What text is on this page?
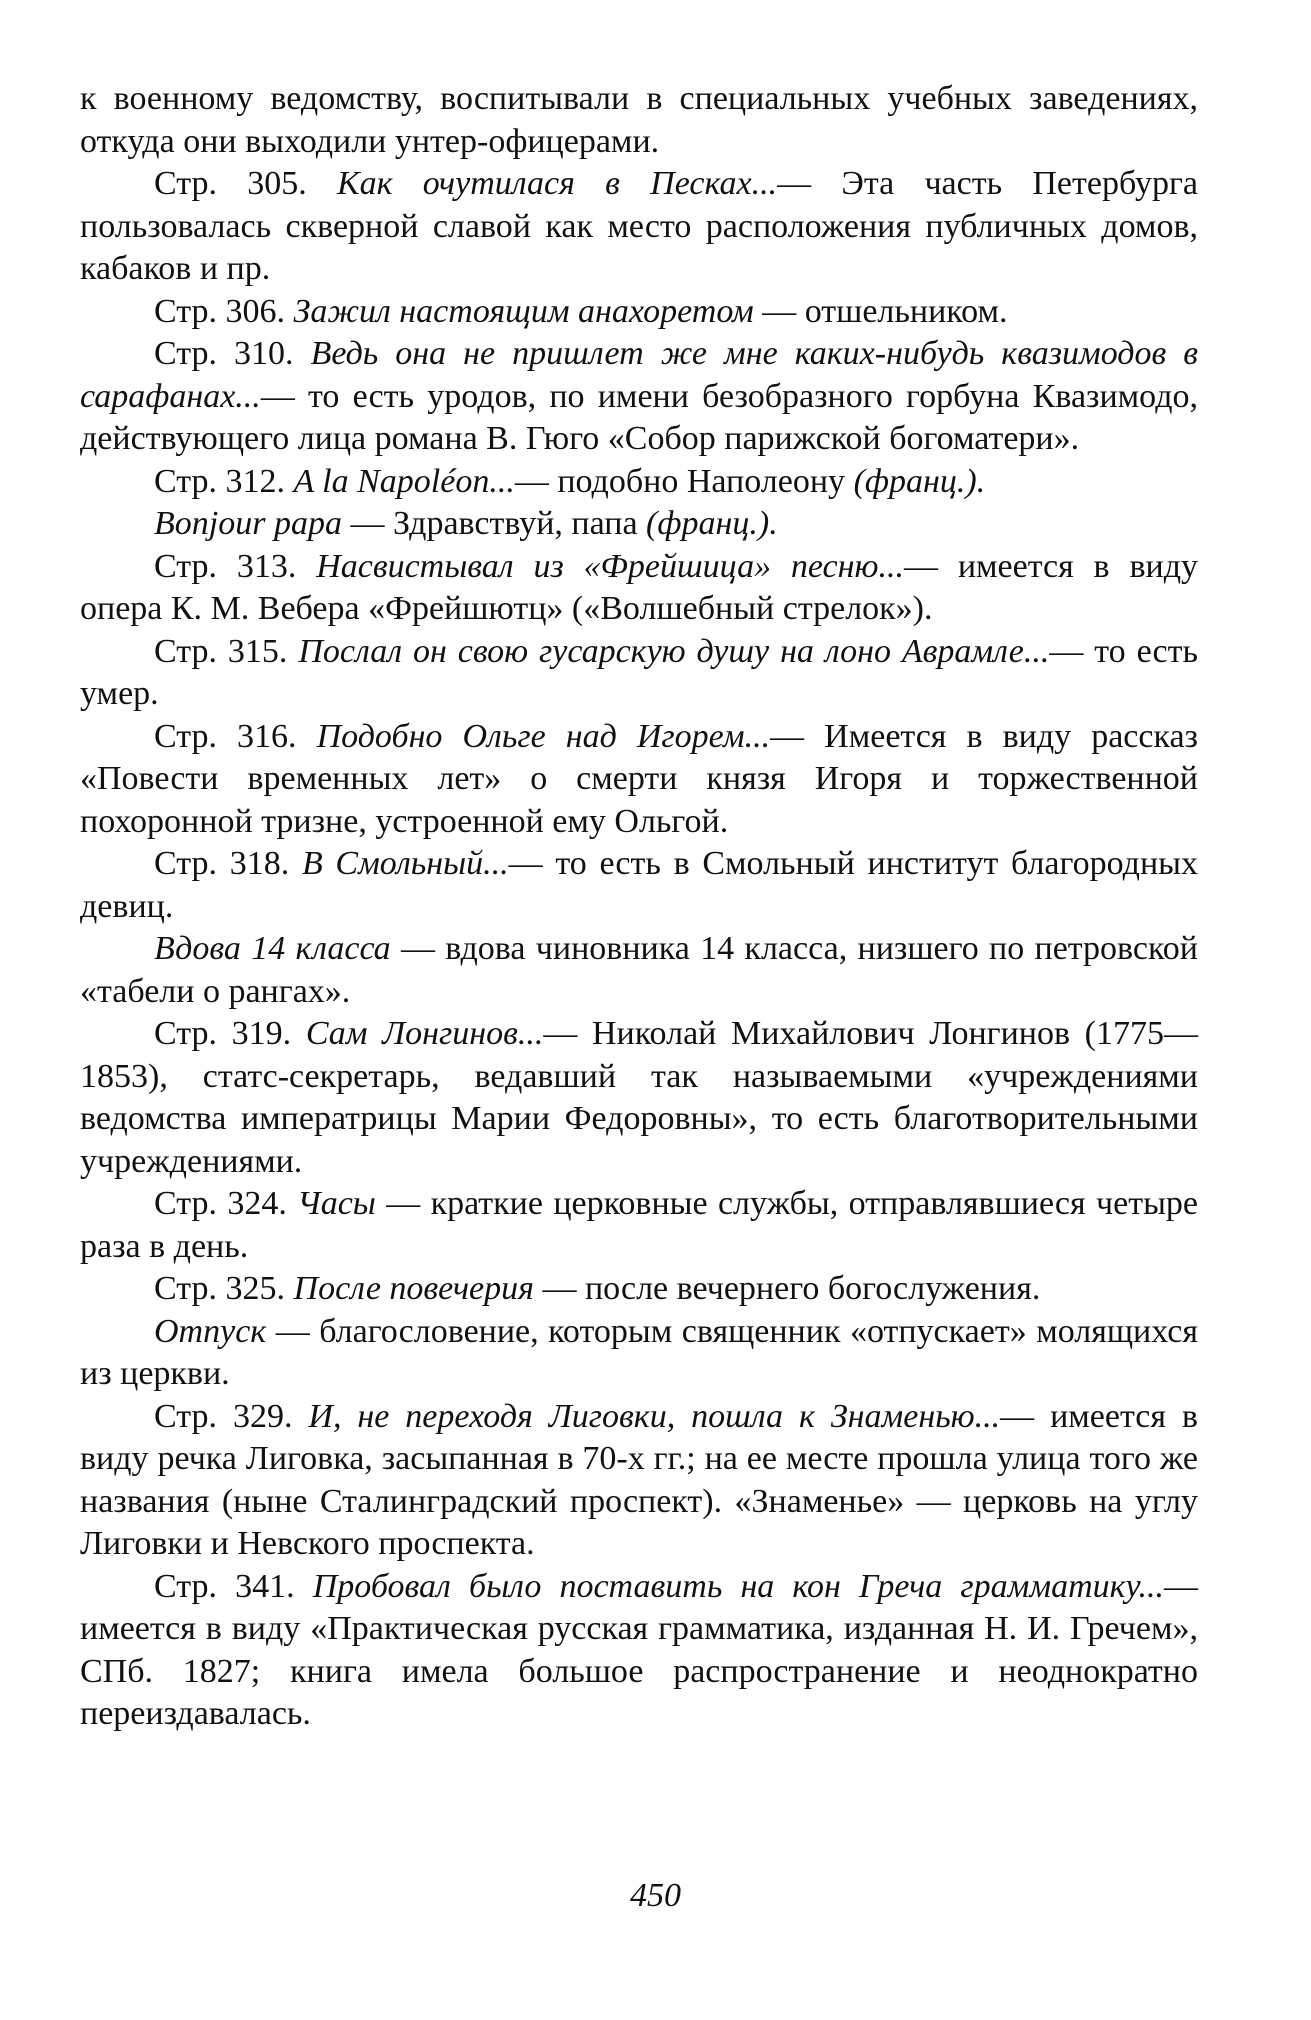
к военному ведомству, воспитывали в специальных учебных заведениях, откуда они выходили унтер-офицерами.

Стр. 305. Как очутилася в Песках...— Эта часть Петербурга пользовалась скверной славой как место расположения публичных домов, кабаков и пр.

Стр. 306. Зажил настоящим анахоретом — отшельником.

Стр. 310. Ведь она не пришлет же мне каких-нибудь квазимодов в сарафанах...— то есть уродов, по имени безобразного горбуна Квазимодо, действующего лица романа В. Гюго «Собор парижской богоматери».

Стр. 312. A la Napoléon...— подобно Наполеону (франц.).

Bonjour papa — Здравствуй, папа (франц.).

Стр. 313. Насвистывал из «Фрейшица» песню...— имеется в виду опера К. М. Вебера «Фрейшютц» («Волшебный стрелок»).

Стр. 315. Послал он свою гусарскую душу на лоно Аврамле...— то есть умер.

Стр. 316. Подобно Ольге над Игорем...— Имеется в виду рассказ «Повести временных лет» о смерти князя Игоря и торжественной похоронной тризне, устроенной ему Ольгой.

Стр. 318. В Смольный...— то есть в Смольный институт благородных девиц.

Вдова 14 класса — вдова чиновника 14 класса, низшего по петровской «табели о рангах».

Стр. 319. Сам Лонгинов...— Николай Михайлович Лонгинов (1775—1853), статс-секретарь, ведавший так называемыми «учреждениями ведомства императрицы Марии Федоровны», то есть благотворительными учреждениями.

Стр. 324. Часы — краткие церковные службы, отправлявшиеся четыре раза в день.

Стр. 325. После повечерия — после вечернего богослужения.

Отпуск — благословение, которым священник «отпускает» молящихся из церкви.

Стр. 329. И, не переходя Лиговки, пошла к Знаменью...— имеется в виду речка Лиговка, засыпанная в 70-х гг.; на ее месте прошла улица того же названия (ныне Сталинградский проспект). «Знаменье» — церковь на углу Лиговки и Невского проспекта.

Стр. 341. Пробовал было поставить на кон Греча грамматику...— имеется в виду «Практическая русская грамматика, изданная Н. И. Гречем», СПб. 1827; книга имела большое распространение и неоднократно переиздавалась.

450
